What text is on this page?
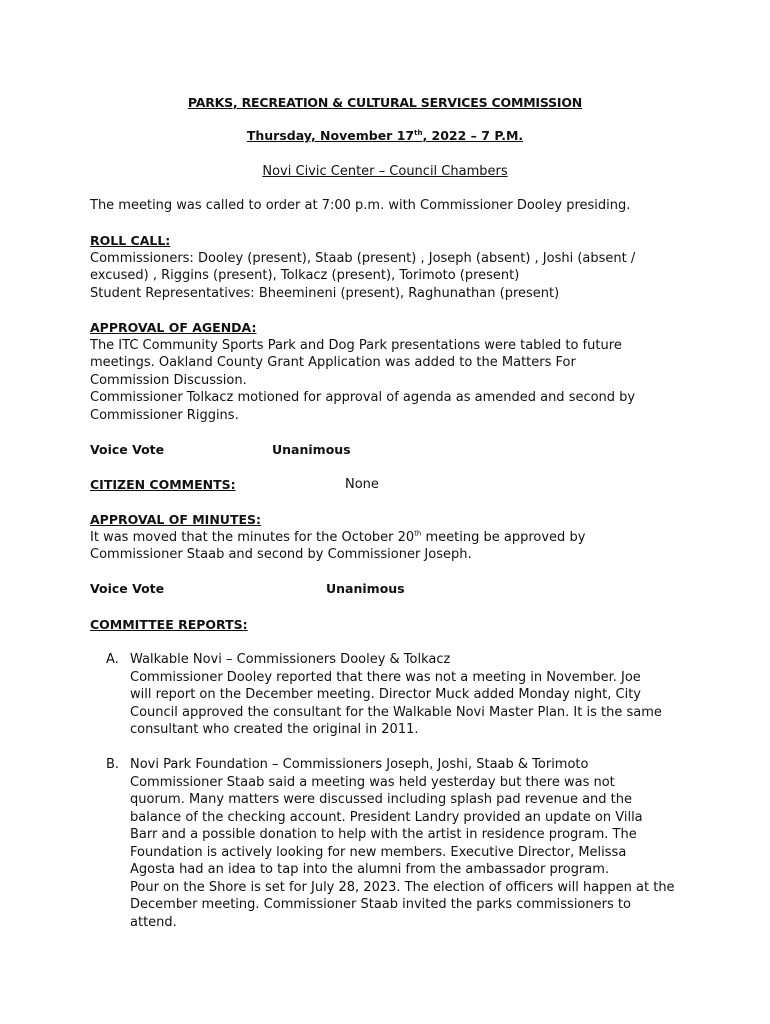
PARKS, RECREATION & CULTURAL SERVICES COMMISSION
Thursday, November 17th, 2022 – 7 P.M.
Novi Civic Center – Council Chambers
The meeting was called to order at 7:00 p.m. with Commissioner Dooley presiding.
ROLL CALL:
Commissioners: Dooley (present), Staab (present) , Joseph (absent) , Joshi (absent /
excused) , Riggins (present), Tolkacz (present), Torimoto (present)
Student Representatives: Bheemineni (present), Raghunathan (present)
APPROVAL OF AGENDA:
The ITC Community Sports Park and Dog Park presentations were tabled to future
meetings. Oakland County Grant Application was added to the Matters For
Commission Discussion.
Commissioner Tolkacz motioned for approval of agenda as amended and second by
Commissioner Riggins.
Voice Vote	Unanimous
CITIZEN COMMENTS:	None
APPROVAL OF MINUTES:
It was moved that the minutes for the October 20th meeting be approved by
Commissioner Staab and second by Commissioner Joseph.
Voice Vote	Unanimous
COMMITTEE REPORTS:
A. Walkable Novi – Commissioners Dooley & Tolkacz
Commissioner Dooley reported that there was not a meeting in November. Joe
will report on the December meeting. Director Muck added Monday night, City
Council approved the consultant for the Walkable Novi Master Plan. It is the same
consultant who created the original in 2011.
B. Novi Park Foundation – Commissioners Joseph, Joshi, Staab & Torimoto
Commissioner Staab said a meeting was held yesterday but there was not
quorum. Many matters were discussed including splash pad revenue and the
balance of the checking account. President Landry provided an update on Villa
Barr and a possible donation to help with the artist in residence program. The
Foundation is actively looking for new members. Executive Director, Melissa
Agosta had an idea to tap into the alumni from the ambassador program.
Pour on the Shore is set for July 28, 2023. The election of officers will happen at the
December meeting. Commissioner Staab invited the parks commissioners to
attend.
